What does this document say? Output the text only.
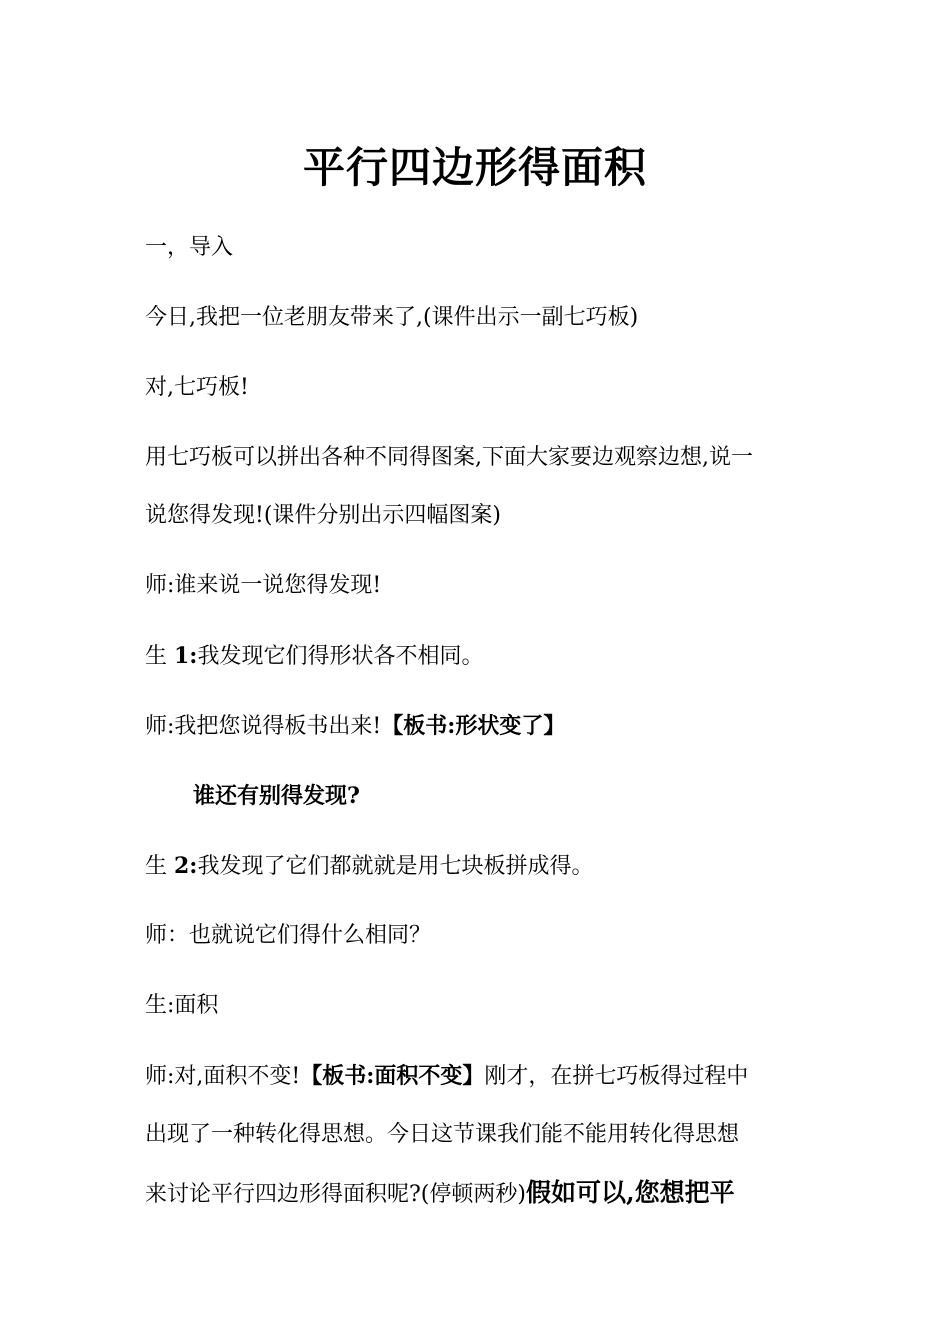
平行四边形得面积
一，导入
今日,我把一位老朋友带来了,(课件出示一副七巧板)
对,七巧板!
用七巧板可以拼出各种不同得图案,下面大家要边观察边想,说一
说您得发现!(课件分别出示四幅图案)
师:谁来说一说您得发现!
生 1:我发现它们得形状各不相同。
师:我把您说得板书出来!【板书:形状变了】
谁还有别得发现?
生 2:我发现了它们都就就是用七块板拼成得。
师：也就说它们得什么相同？
生:面积
师:对,面积不变!【板书:面积不变】刚才，在拼七巧板得过程中
出现了一种转化得思想。今日这节课我们能不能用转化得思想
来讨论平行四边形得面积呢?(停顿两秒)假如可以,您想把平
